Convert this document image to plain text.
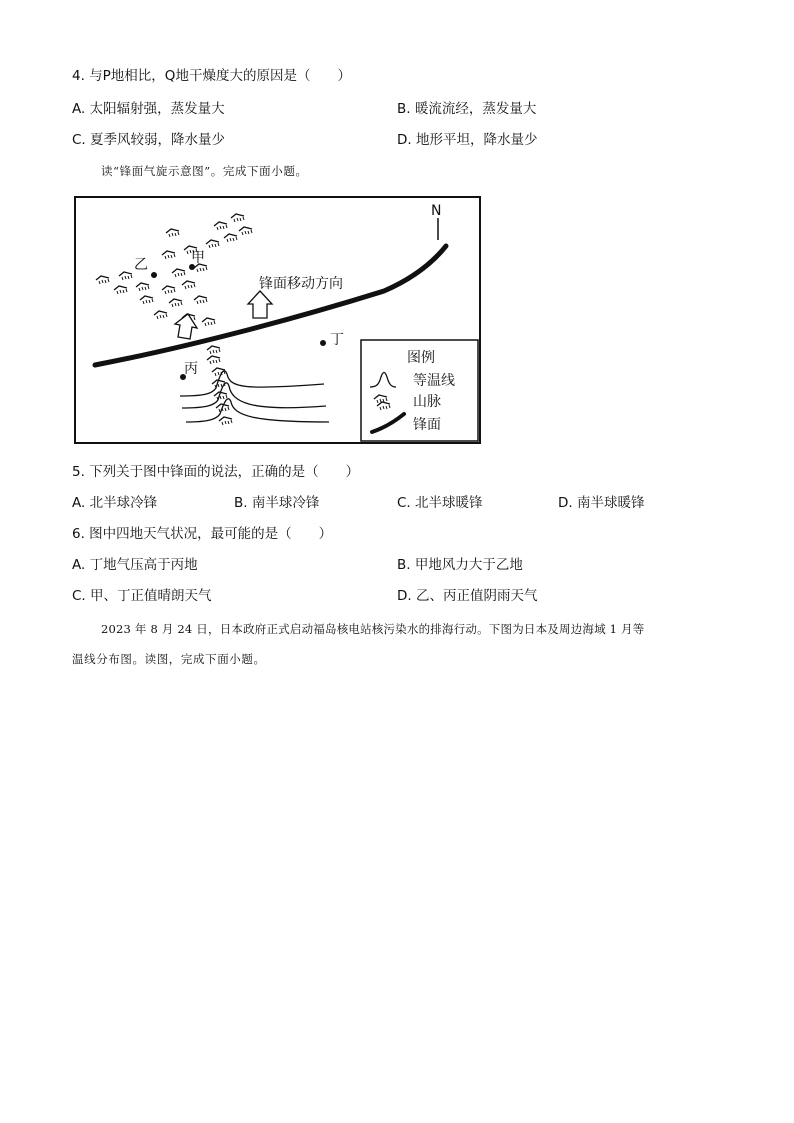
4. 与P地相比，Q地干燥度大的原因是（　　）
A. 太阳辐射强，蒸发量大	B. 暖流流经，蒸发量大
C. 夏季风较弱，降水量少	D. 地形平坦，降水量少
读“锋面气旋示意图”。完成下面小题。
N
锋面移动方向
甲
乙
丙
丁
图例
等温线
山脉
锋面
5. 下列关于图中锋面的说法，正确的是（　　）
A. 北半球冷锋	B. 南半球冷锋	C. 北半球暖锋	D. 南半球暖锋
6. 图中四地天气状况，最可能的是（　　）
A. 丁地气压高于丙地	B. 甲地风力大于乙地
C. 甲、丁正值晴朗天气	D. 乙、丙正值阴雨天气
2023 年 8 月 24 日，日本政府正式启动福岛核电站核污染水的排海行动。下图为日本及周边海域 1 月等
温线分布图。读图，完成下面小题。
